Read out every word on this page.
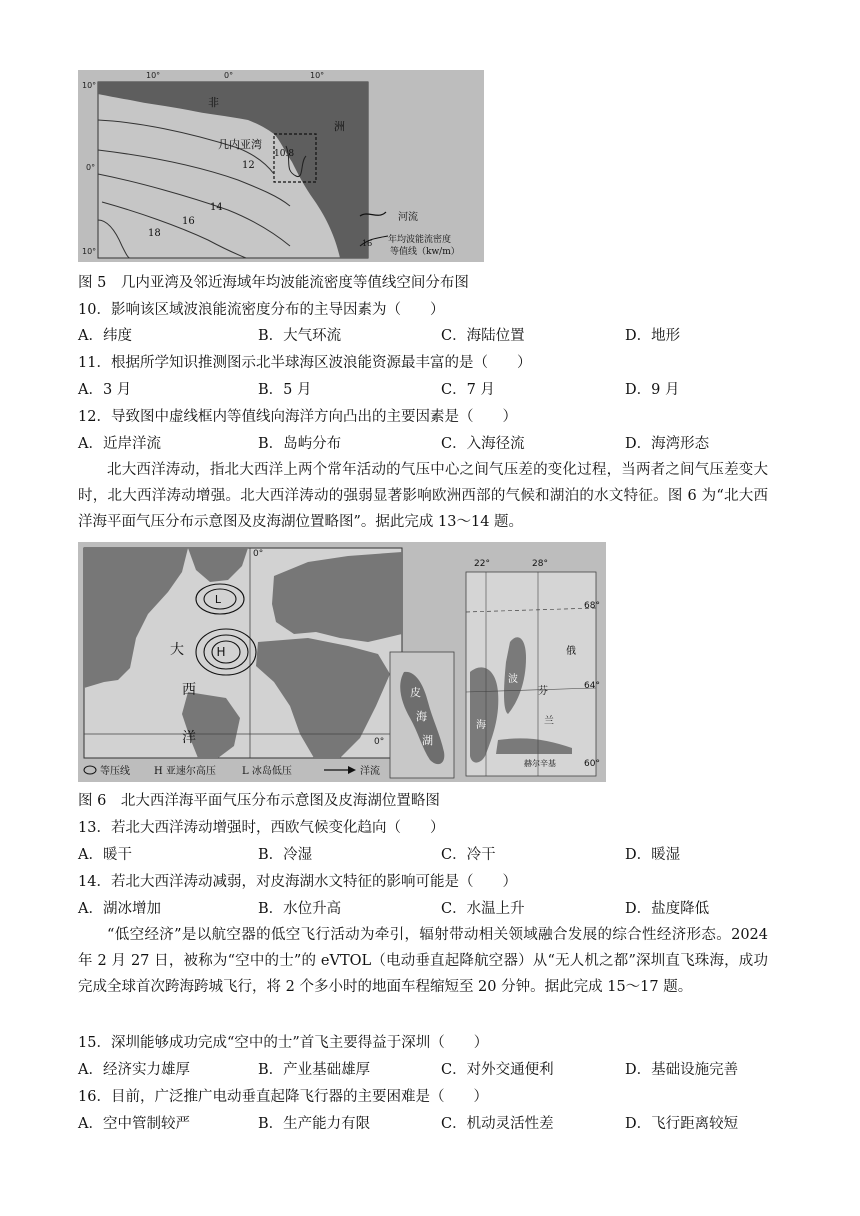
10°	0°	10°
10°
0°
10°
非
洲
几内亚湾
10.8
12
14
16
18
河流
16 年均波能流密度
等值线（kw/m）
图 5　几内亚湾及邻近海域年均波能流密度等值线空间分布图
10．影响该区域波浪能流密度分布的主导因素为（　　）
A．纬度	B．大气环流	C．海陆位置	D．地形
11．根据所学知识推测图示北半球海区波浪能资源最丰富的是（　　）
A．3 月	B．5 月	C．7 月	D．9 月
12．导致图中虚线框内等值线向海洋方向凸出的主要因素是（　　）
A．近岸洋流	B．岛屿分布	C．入海径流	D．海湾形态
北大西洋涛动，指北大西洋上两个常年活动的气压中心之间气压差的变化过程，当两者之间气压差变大时，北大西洋涛动增强。北大西洋涛动的强弱显著影响欧洲西部的气候和湖泊的水文特征。图 6 为“北大西洋海平面气压分布示意图及皮海湖位置略图”。据此完成 13～14 题。
H
L
0°
0°
大
西
洋
等压线 H 亚速尔高压	L 冰岛低压	洋流
皮
海
湖
22°	28°
68°
64°
60°
俄
波
芬
兰
海
赫尔辛基
图 6　北大西洋海平面气压分布示意图及皮海湖位置略图
13．若北大西洋涛动增强时，西欧气候变化趋向（　　）
A．暖干	B．冷湿	C．冷干	D．暖湿
14．若北大西洋涛动减弱，对皮海湖水文特征的影响可能是（　　）
A．湖冰增加	B．水位升高	C．水温上升	D．盐度降低
“低空经济”是以航空器的低空飞行活动为牵引，辐射带动相关领域融合发展的综合性经济形态。2024 年 2 月 27 日，被称为“空中的士”的 eVTOL（电动垂直起降航空器）从“无人机之都”深圳直飞珠海，成功完成全球首次跨海跨城飞行，将 2 个多小时的地面车程缩短至 20 分钟。据此完成 15～17 题。
15．深圳能够成功完成“空中的士”首飞主要得益于深圳（　　）
A．经济实力雄厚	B．产业基础雄厚	C．对外交通便利	D．基础设施完善
16．目前，广泛推广电动垂直起降飞行器的主要困难是（　　）
A．空中管制较严	B．生产能力有限	C．机动灵活性差	D．飞行距离较短
